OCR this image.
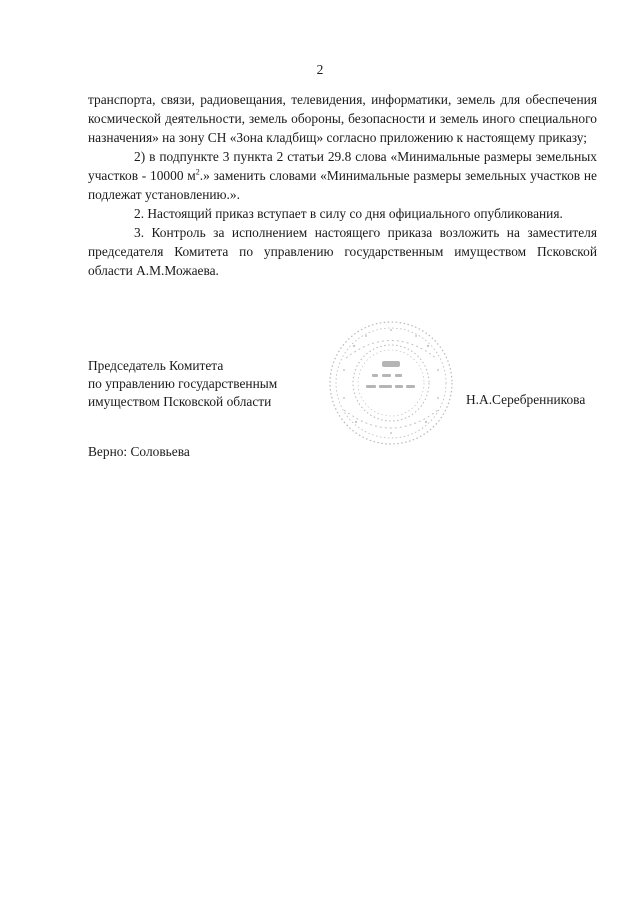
2

транспорта, связи, радиовещания, телевидения, информатики, земель для обеспечения космической деятельности, земель обороны, безопасности и земель иного специального назначения» на зону СН «Зона кладбищ» согласно приложению к настоящему приказу;

2) в подпункте 3 пункта 2 статьи 29.8 слова «Минимальные размеры земельных участков - 10000 $м^2$.» заменить словами «Минимальные размеры земельных участков не подлежат установлению.».

2. Настоящий приказ вступает в силу со дня официального опубликования.

3. Контроль за исполнением настоящего приказа возложить на заместителя председателя Комитета по управлению государственным имуществом Псковской области А.М.Можаева.

Председатель Комитета
по управлению государственным
имуществом Псковской области	Н.А.Серебренникова
Верно: Соловьева
